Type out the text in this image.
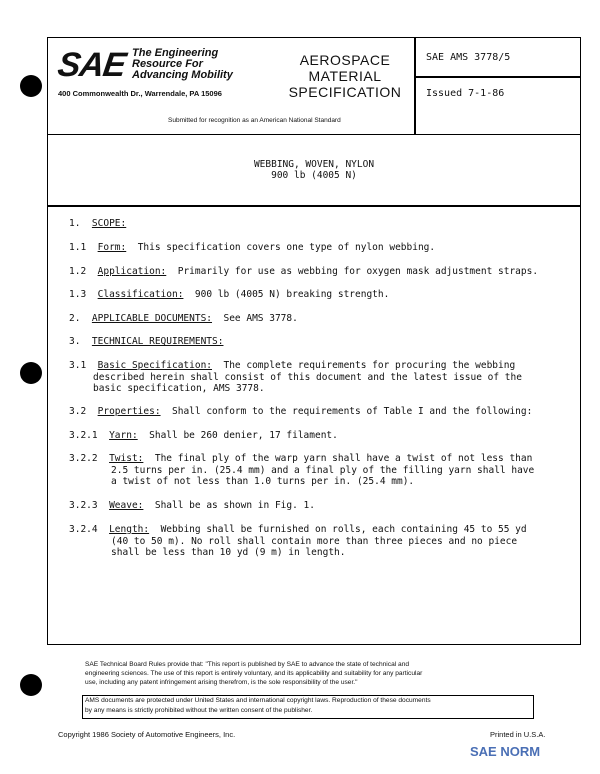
SAE The Engineering
Resource For
Advancing Mobility
400 Commonwealth Dr., Warrendale, PA 15096
AEROSPACE
MATERIAL
SPECIFICATION
Submitted for recognition as an American National Standard
SAE AMS 3778/5
Issued 7-1-86
WEBBING, WOVEN, NYLON
900 lb (4005 N)
1. SCOPE:
1.1 Form: This specification covers one type of nylon webbing.
1.2 Application: Primarily for use as webbing for oxygen mask adjustment straps.
1.3 Classification: 900 lb (4005 N) breaking strength.
2. APPLICABLE DOCUMENTS: See AMS 3778.
3. TECHNICAL REQUIREMENTS:
3.1 Basic Specification: The complete requirements for procuring the webbing
described herein shall consist of this document and the latest issue of the
basic specification, AMS 3778.
3.2 Properties: Shall conform to the requirements of Table I and the following:
3.2.1 Yarn: Shall be 260 denier, 17 filament.
3.2.2 Twist: The final ply of the warp yarn shall have a twist of not less than
2.5 turns per in. (25.4 mm) and a final ply of the filling yarn shall have
a twist of not less than 1.0 turns per in. (25.4 mm).
3.2.3 Weave: Shall be as shown in Fig. 1.
3.2.4 Length: Webbing shall be furnished on rolls, each containing 45 to 55 yd
(40 to 50 m). No roll shall contain more than three pieces and no piece
shall be less than 10 yd (9 m) in length.
SAE Technical Board Rules provide that: "This report is published by SAE to advance the state of technical and
engineering sciences. The use of this report is entirely voluntary, and its applicability and suitability for any particular
use, including any patent infringement arising therefrom, is the sole responsibility of the user."
AMS documents are protected under United States and international copyright laws. Reproduction of these documents
by any means is strictly prohibited without the written consent of the publisher.
Copyright 1986 Society of Automotive Engineers, Inc.	Printed in U.S.A.
SAE NORM
